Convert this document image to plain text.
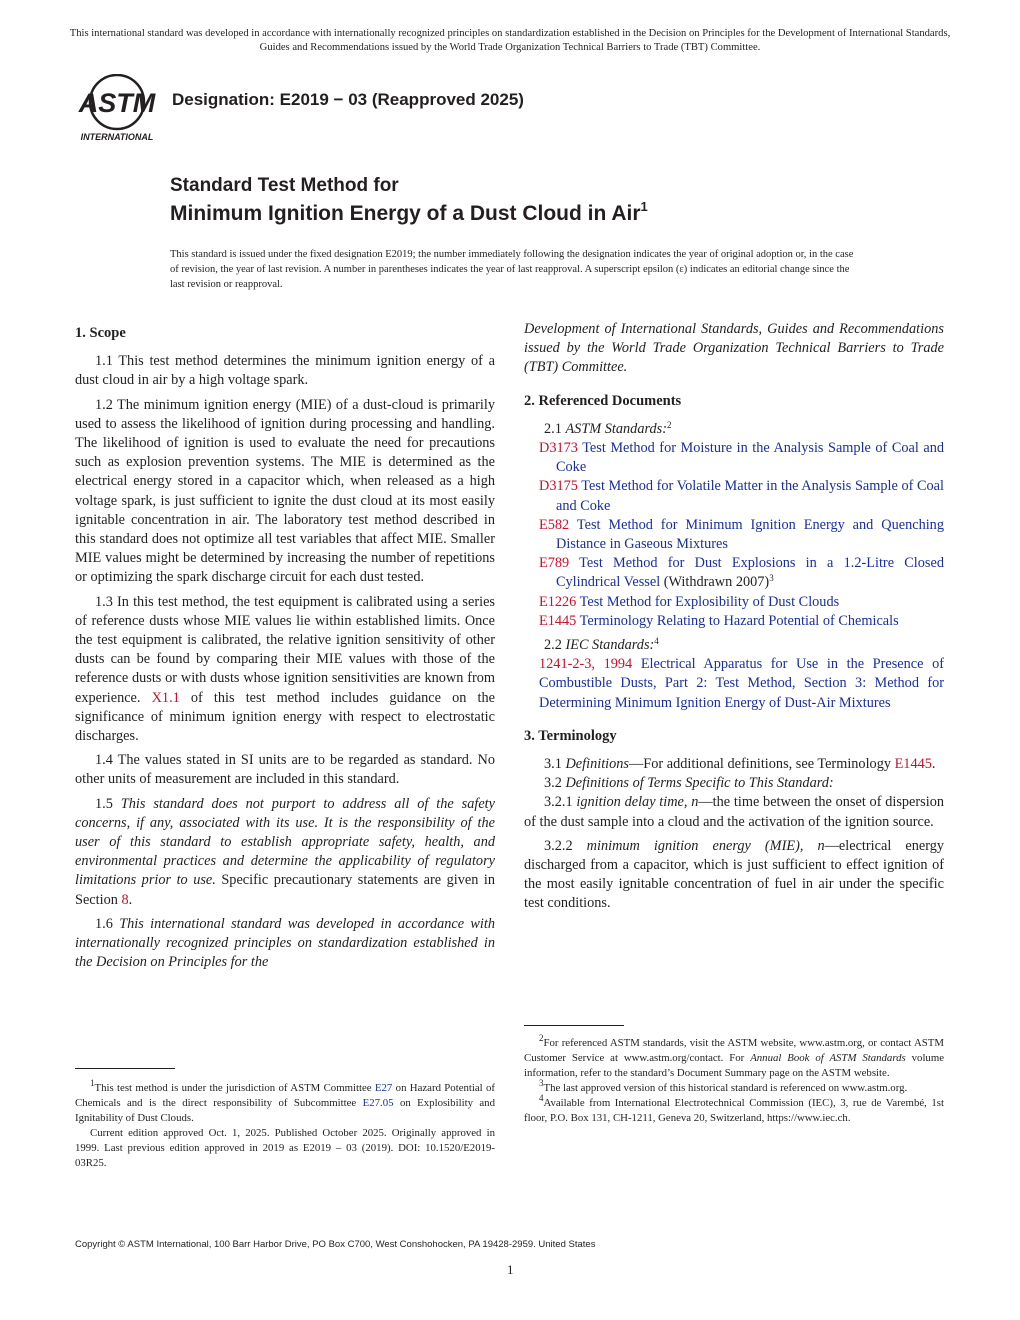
This international standard was developed in accordance with internationally recognized principles on standardization established in the Decision on Principles for the Development of International Standards, Guides and Recommendations issued by the World Trade Organization Technical Barriers to Trade (TBT) Committee.
ASTM
INTERNATIONAL
Designation: E2019 − 03 (Reapproved 2025)
Standard Test Method for
Minimum Ignition Energy of a Dust Cloud in Air$^1$
This standard is issued under the fixed designation E2019; the number immediately following the designation indicates the year of original adoption or, in the case of revision, the year of last revision. A number in parentheses indicates the year of last reapproval. A superscript epsilon (ε) indicates an editorial change since the last revision or reapproval.
1. Scope

1.1 This test method determines the minimum ignition energy of a dust cloud in air by a high voltage spark.

1.2 The minimum ignition energy (MIE) of a dust-cloud is primarily used to assess the likelihood of ignition during processing and handling. The likelihood of ignition is used to evaluate the need for precautions such as explosion prevention systems. The MIE is determined as the electrical energy stored in a capacitor which, when released as a high voltage spark, is just sufficient to ignite the dust cloud at its most easily ignitable concentration in air. The laboratory test method described in this standard does not optimize all test variables that affect MIE. Smaller MIE values might be determined by increasing the number of repetitions or optimizing the spark discharge circuit for each dust tested.

1.3 In this test method, the test equipment is calibrated using a series of reference dusts whose MIE values lie within established limits. Once the test equipment is calibrated, the relative ignition sensitivity of other dusts can be found by comparing their MIE values with those of the reference dusts or with dusts whose ignition sensitivities are known from experience. X1.1 of this test method includes guidance on the significance of minimum ignition energy with respect to electrostatic discharges.

1.4 The values stated in SI units are to be regarded as standard. No other units of measurement are included in this standard.

1.5 This standard does not purport to address all of the safety concerns, if any, associated with its use. It is the responsibility of the user of this standard to establish appropriate safety, health, and environmental practices and determine the applicability of regulatory limitations prior to use. Specific precautionary statements are given in Section 8.

1.6 This international standard was developed in accordance with internationally recognized principles on standardization established in the Decision on Principles for the

Development of International Standards, Guides and Recommendations issued by the World Trade Organization Technical Barriers to Trade (TBT) Committee.

2. Referenced Documents

2.1 ASTM Standards:$^2$

D3173 Test Method for Moisture in the Analysis Sample of Coal and Coke
D3175 Test Method for Volatile Matter in the Analysis Sample of Coal and Coke
E582 Test Method for Minimum Ignition Energy and Quenching Distance in Gaseous Mixtures
E789 Test Method for Dust Explosions in a 1.2-Litre Closed Cylindrical Vessel (Withdrawn 2007)$^3$
E1226 Test Method for Explosibility of Dust Clouds
E1445 Terminology Relating to Hazard Potential of Chemicals

2.2 IEC Standards:$^4$

1241-2-3, 1994 Electrical Apparatus for Use in the Presence of Combustible Dusts, Part 2: Test Method, Section 3: Method for Determining Minimum Ignition Energy of Dust-Air Mixtures
3. Terminology

3.1 Definitions—For additional definitions, see Terminology E1445.

3.2 Definitions of Terms Specific to This Standard:

3.2.1 ignition delay time, n—the time between the onset of dispersion of the dust sample into a cloud and the activation of the ignition source.

3.2.2 minimum ignition energy (MIE), n—electrical energy discharged from a capacitor, which is just sufficient to effect ignition of the most easily ignitable concentration of fuel in air under the specific test conditions.

$^1$This test method is under the jurisdiction of ASTM Committee E27 on Hazard Potential of Chemicals and is the direct responsibility of Subcommittee E27.05 on Explosibility and Ignitability of Dust Clouds.
Current edition approved Oct. 1, 2025. Published October 2025. Originally approved in 1999. Last previous edition approved in 2019 as E2019 – 03 (2019). DOI: 10.1520/E2019-03R25.
$^2$For referenced ASTM standards, visit the ASTM website, www.astm.org, or contact ASTM Customer Service at www.astm.org/contact. For Annual Book of ASTM Standards volume information, refer to the standard’s Document Summary page on the ASTM website.
$^3$The last approved version of this historical standard is referenced on www.astm.org.
$^4$Available from International Electrotechnical Commission (IEC), 3, rue de Varembé, 1st floor, P.O. Box 131, CH-1211, Geneva 20, Switzerland, https://www.iec.ch.
Copyright © ASTM International, 100 Barr Harbor Drive, PO Box C700, West Conshohocken, PA 19428-2959. United States
1
